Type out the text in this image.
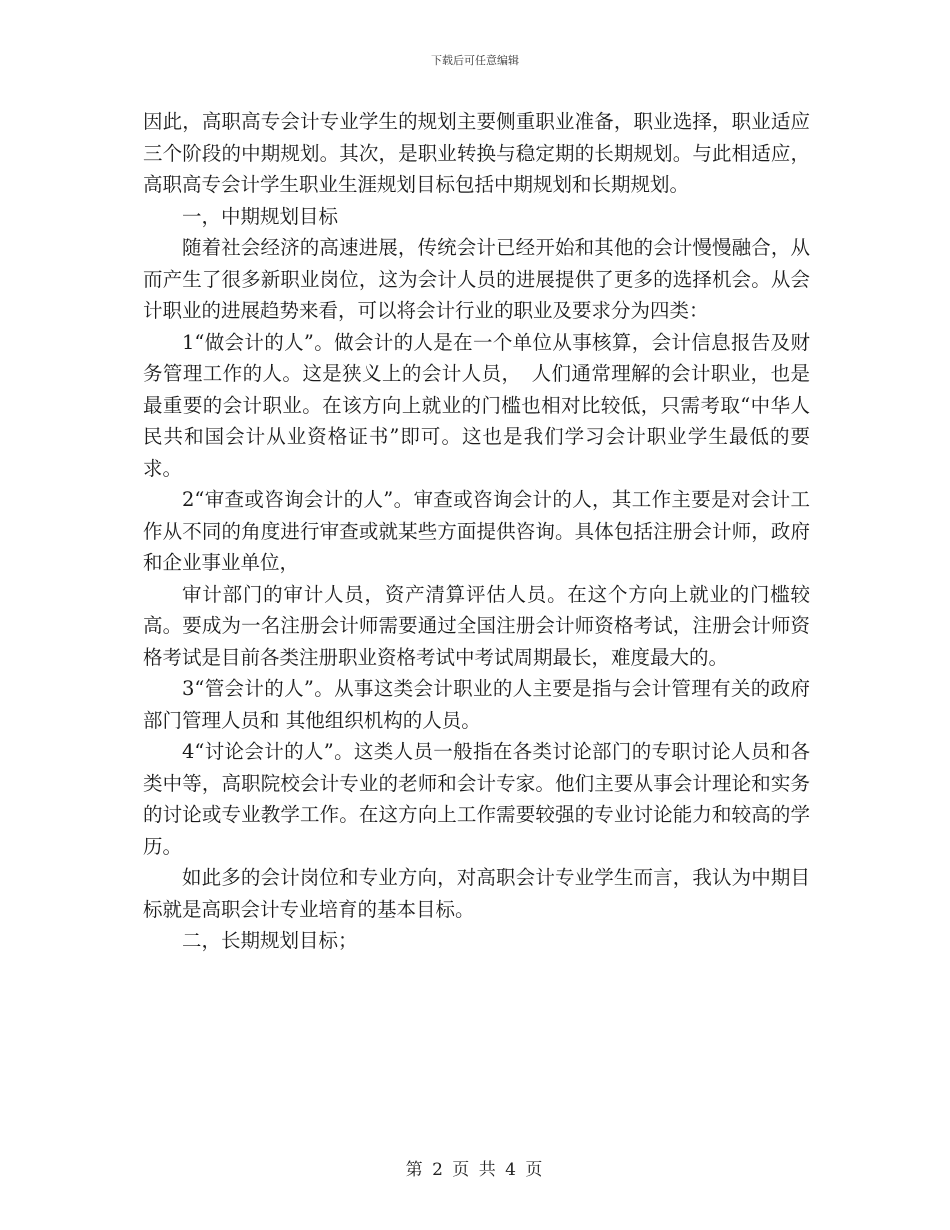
下载后可任意编辑

因此，高职高专会计专业学生的规划主要侧重职业准备，职业选择，职业适应三个阶段的中期规划。其次，是职业转换与稳定期的长期规划。与此相适应，高职高专会计学生职业生涯规划目标包括中期规划和长期规划。

一，中期规划目标

随着社会经济的高速进展，传统会计已经开始和其他的会计慢慢融合，从而产生了很多新职业岗位，这为会计人员的进展提供了更多的选择机会。从会计职业的进展趋势来看，可以将会计行业的职业及要求分为四类：

1“做会计的人”。做会计的人是在一个单位从事核算，会计信息报告及财务管理工作的人。这是狭义上的会计人员，　人们通常理解的会计职业，也是最重要的会计职业。在该方向上就业的门槛也相对比较低，只需考取“中华人民共和国会计从业资格证书”即可。这也是我们学习会计职业学生最低的要求。

2“审查或咨询会计的人”。审查或咨询会计的人，其工作主要是对会计工作从不同的角度进行审查或就某些方面提供咨询。具体包括注册会计师，政府和企业事业单位，

审计部门的审计人员，资产清算评估人员。在这个方向上就业的门槛较高。要成为一名注册会计师需要通过全国注册会计师资格考试，注册会计师资格考试是目前各类注册职业资格考试中考试周期最长，难度最大的。

3“管会计的人”。从事这类会计职业的人主要是指与会计管理有关的政府部门管理人员和 其他组织机构的人员。

4“讨论会计的人”。这类人员一般指在各类讨论部门的专职讨论人员和各类中等，高职院校会计专业的老师和会计专家。他们主要从事会计理论和实务的讨论或专业教学工作。在这方向上工作需要较强的专业讨论能力和较高的学历。

如此多的会计岗位和专业方向，对高职会计专业学生而言，我认为中期目标就是高职会计专业培育的基本目标。

二，长期规划目标；

第 2 页 共 4 页
